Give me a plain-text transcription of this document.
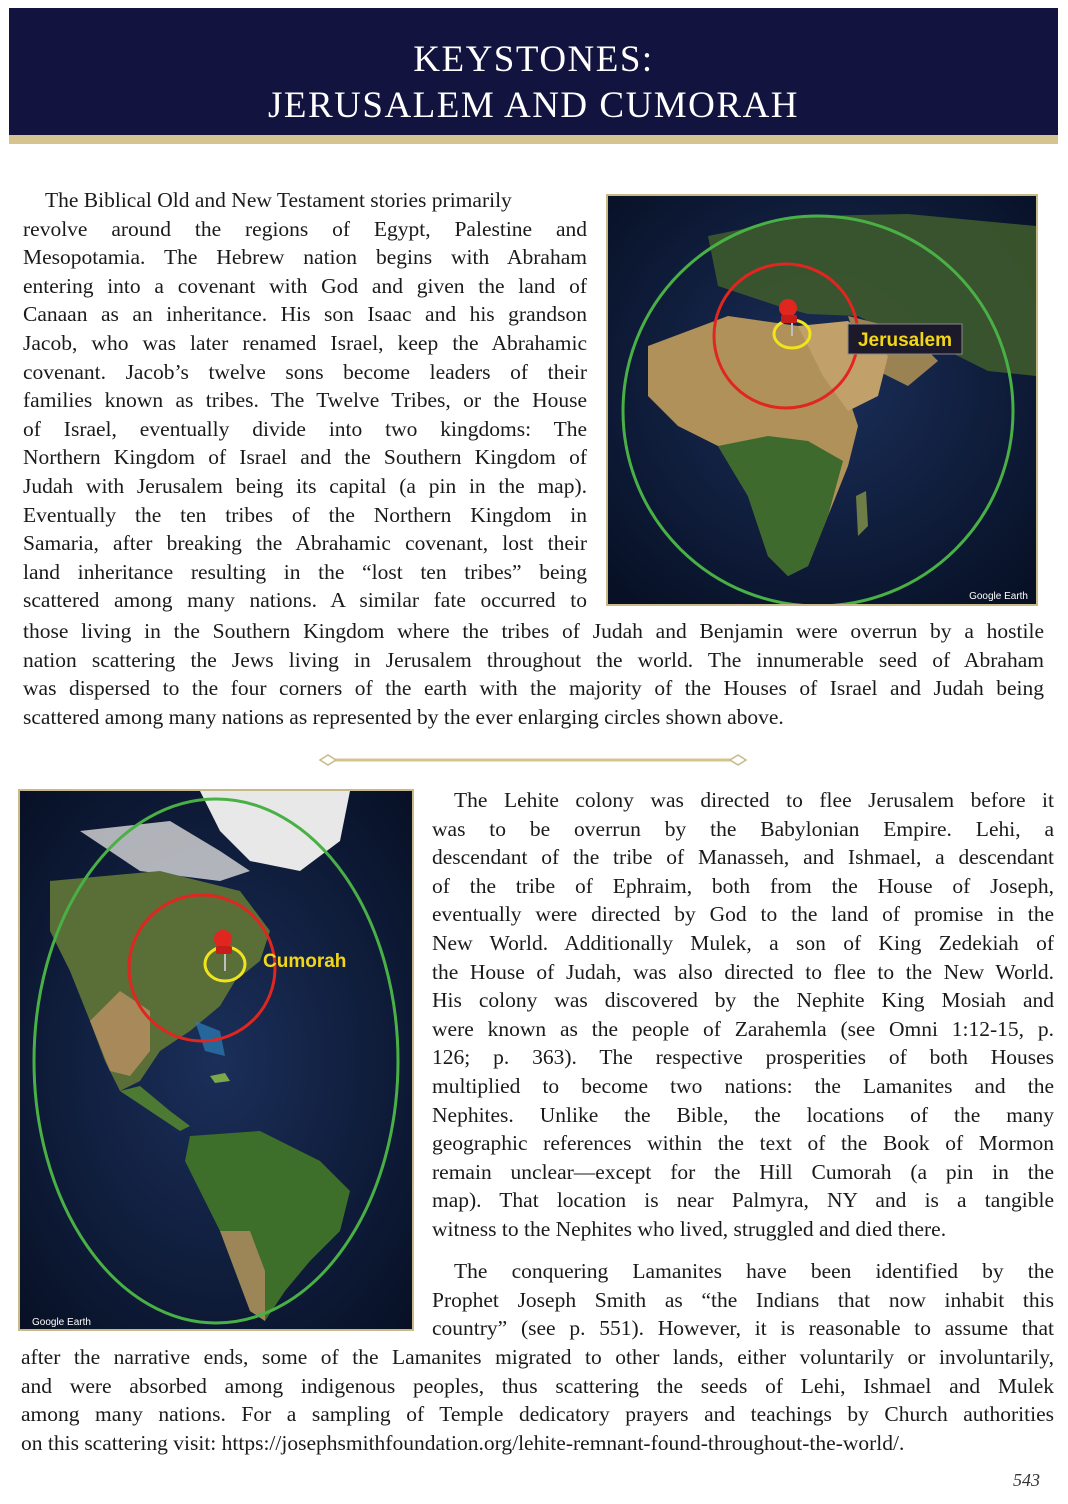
KEYSTONES:
JERUSALEM AND CUMORAH
Jerusalem
Google Earth
The Biblical Old and New Testament stories primarily
revolve around the regions of Egypt, Palestine and
Mesopotamia. The Hebrew nation begins with Abraham
entering into a covenant with God and given the land of
Canaan as an inheritance. His son Isaac and his grandson
Jacob, who was later renamed Israel, keep the Abrahamic
covenant. Jacob’s twelve sons become leaders of their
families known as tribes. The Twelve Tribes, or the House
of Israel, eventually divide into two kingdoms: The
Northern Kingdom of Israel and the Southern Kingdom of
Judah with Jerusalem being its capital (a pin in the map).
Eventually the ten tribes of the Northern Kingdom in
Samaria, after breaking the Abrahamic covenant, lost their
land inheritance resulting in the “lost ten tribes” being
scattered among many nations. A similar fate occurred to
those living in the Southern Kingdom where the tribes of Judah and Benjamin were overrun by a hostile
nation scattering the Jews living in Jerusalem throughout the world. The innumerable seed of Abraham
was dispersed to the four corners of the earth with the majority of the Houses of Israel and Judah being
scattered among many nations as represented by the ever enlarging circles shown above.
Cumorah
Google Earth
The Lehite colony was directed to flee Jerusalem before it
was to be overrun by the Babylonian Empire. Lehi, a
descendant of the tribe of Manasseh, and Ishmael, a descendant
of the tribe of Ephraim, both from the House of Joseph,
eventually were directed by God to the land of promise in the
New World. Additionally Mulek, a son of King Zedekiah of
the House of Judah, was also directed to flee to the New World.
His colony was discovered by the Nephite King Mosiah and
were known as the people of Zarahemla (see Omni 1:12-15, p.
126; p. 363). The respective prosperities of both Houses
multiplied to become two nations: the Lamanites and the
Nephites. Unlike the Bible, the locations of the many
geographic references within the text of the Book of Mormon
remain unclear—except for the Hill Cumorah (a pin in the
map). That location is near Palmyra, NY and is a tangible
witness to the Nephites who lived, struggled and died there.
The conquering Lamanites have been identified by the
Prophet Joseph Smith as “the Indians that now inhabit this
country” (see p. 551). However, it is reasonable to assume that
after the narrative ends, some of the Lamanites migrated to other lands, either voluntarily or involuntarily,
and were absorbed among indigenous peoples, thus scattering the seeds of Lehi, Ishmael and Mulek
among many nations. For a sampling of Temple dedicatory prayers and teachings by Church authorities
on this scattering visit: https://josephsmithfoundation.org/lehite-remnant-found-throughout-the-world/.
543
